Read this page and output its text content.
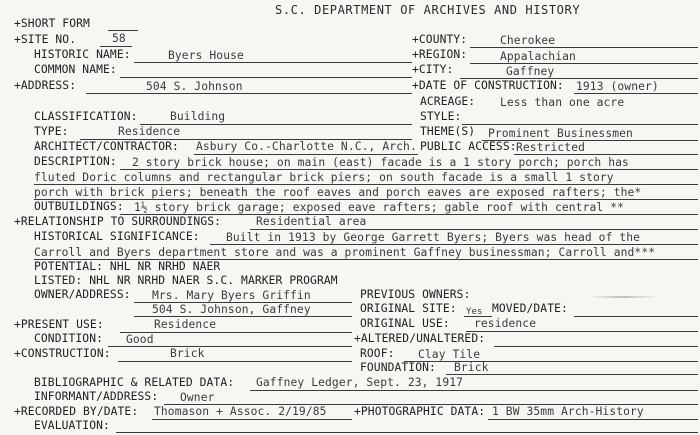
S.C. DEPARTMENT OF ARCHIVES AND HISTORY
+SHORT FORM
+SITE NO.	58	+COUNTY:	Cherokee
HISTORIC NAME:	Byers House	+REGION:	Appalachian
COMMON NAME:	+CITY:	Gaffney
+ADDRESS:	504 S. Johnson	+DATE OF CONSTRUCTION: 1913 (owner)
ACREAGE: Less than one acre
CLASSIFICATION:	Building	STYLE:
TYPE:	Residence	THEME(S) Prominent Businessmen
ARCHITECT/CONTRACTOR: Asbury Co.-Charlotte N.C., Arch. PUBLIC ACCESS: Restricted
DESCRIPTION: 2 story brick house; on main (east) facade is a 1 story porch; porch has
fluted Doric columns and rectangular brick piers; on south facade is a small 1 story
porch with brick piers; beneath the roof eaves and porch eaves are exposed rafters; the*
OUTBUILDINGS: 1½ story brick garage; exposed eave rafters; gable roof with central **
+RELATIONSHIP TO SURROUNDINGS:	Residential area
HISTORICAL SIGNIFICANCE: Built in 1913 by George Garrett Byers; Byers was head of the
Carroll and Byers department store and was a prominent Gaffney businessman; Carroll and***
POTENTIAL: NHL NR NRHD NAER
LISTED: NHL NR NRHD NAER S.C. MARKER PROGRAM
OWNER/ADDRESS: Mrs. Mary Byers Griffin
504 S. Johnson, Gaffney
PREVIOUS OWNERS:
ORIGINAL SITE: Yes MOVED/DATE:
+PRESENT USE:	Residence	ORIGINAL USE: residence
CONDITION: Good	+ALTERED/UNALTERED:
+CONSTRUCTION:	Brick	ROOF: Clay Tile
FOUNDATION: Brick
BIBLIOGRAPHIC & RELATED DATA: Gaffney Ledger, Sept. 23, 1917
INFORMANT/ADDRESS: Owner
+RECORDED BY/DATE: Thomason + Assoc. 2/19/85 +PHOTOGRAPHIC DATA: 1 BW 35mm Arch-History
EVALUATION:
